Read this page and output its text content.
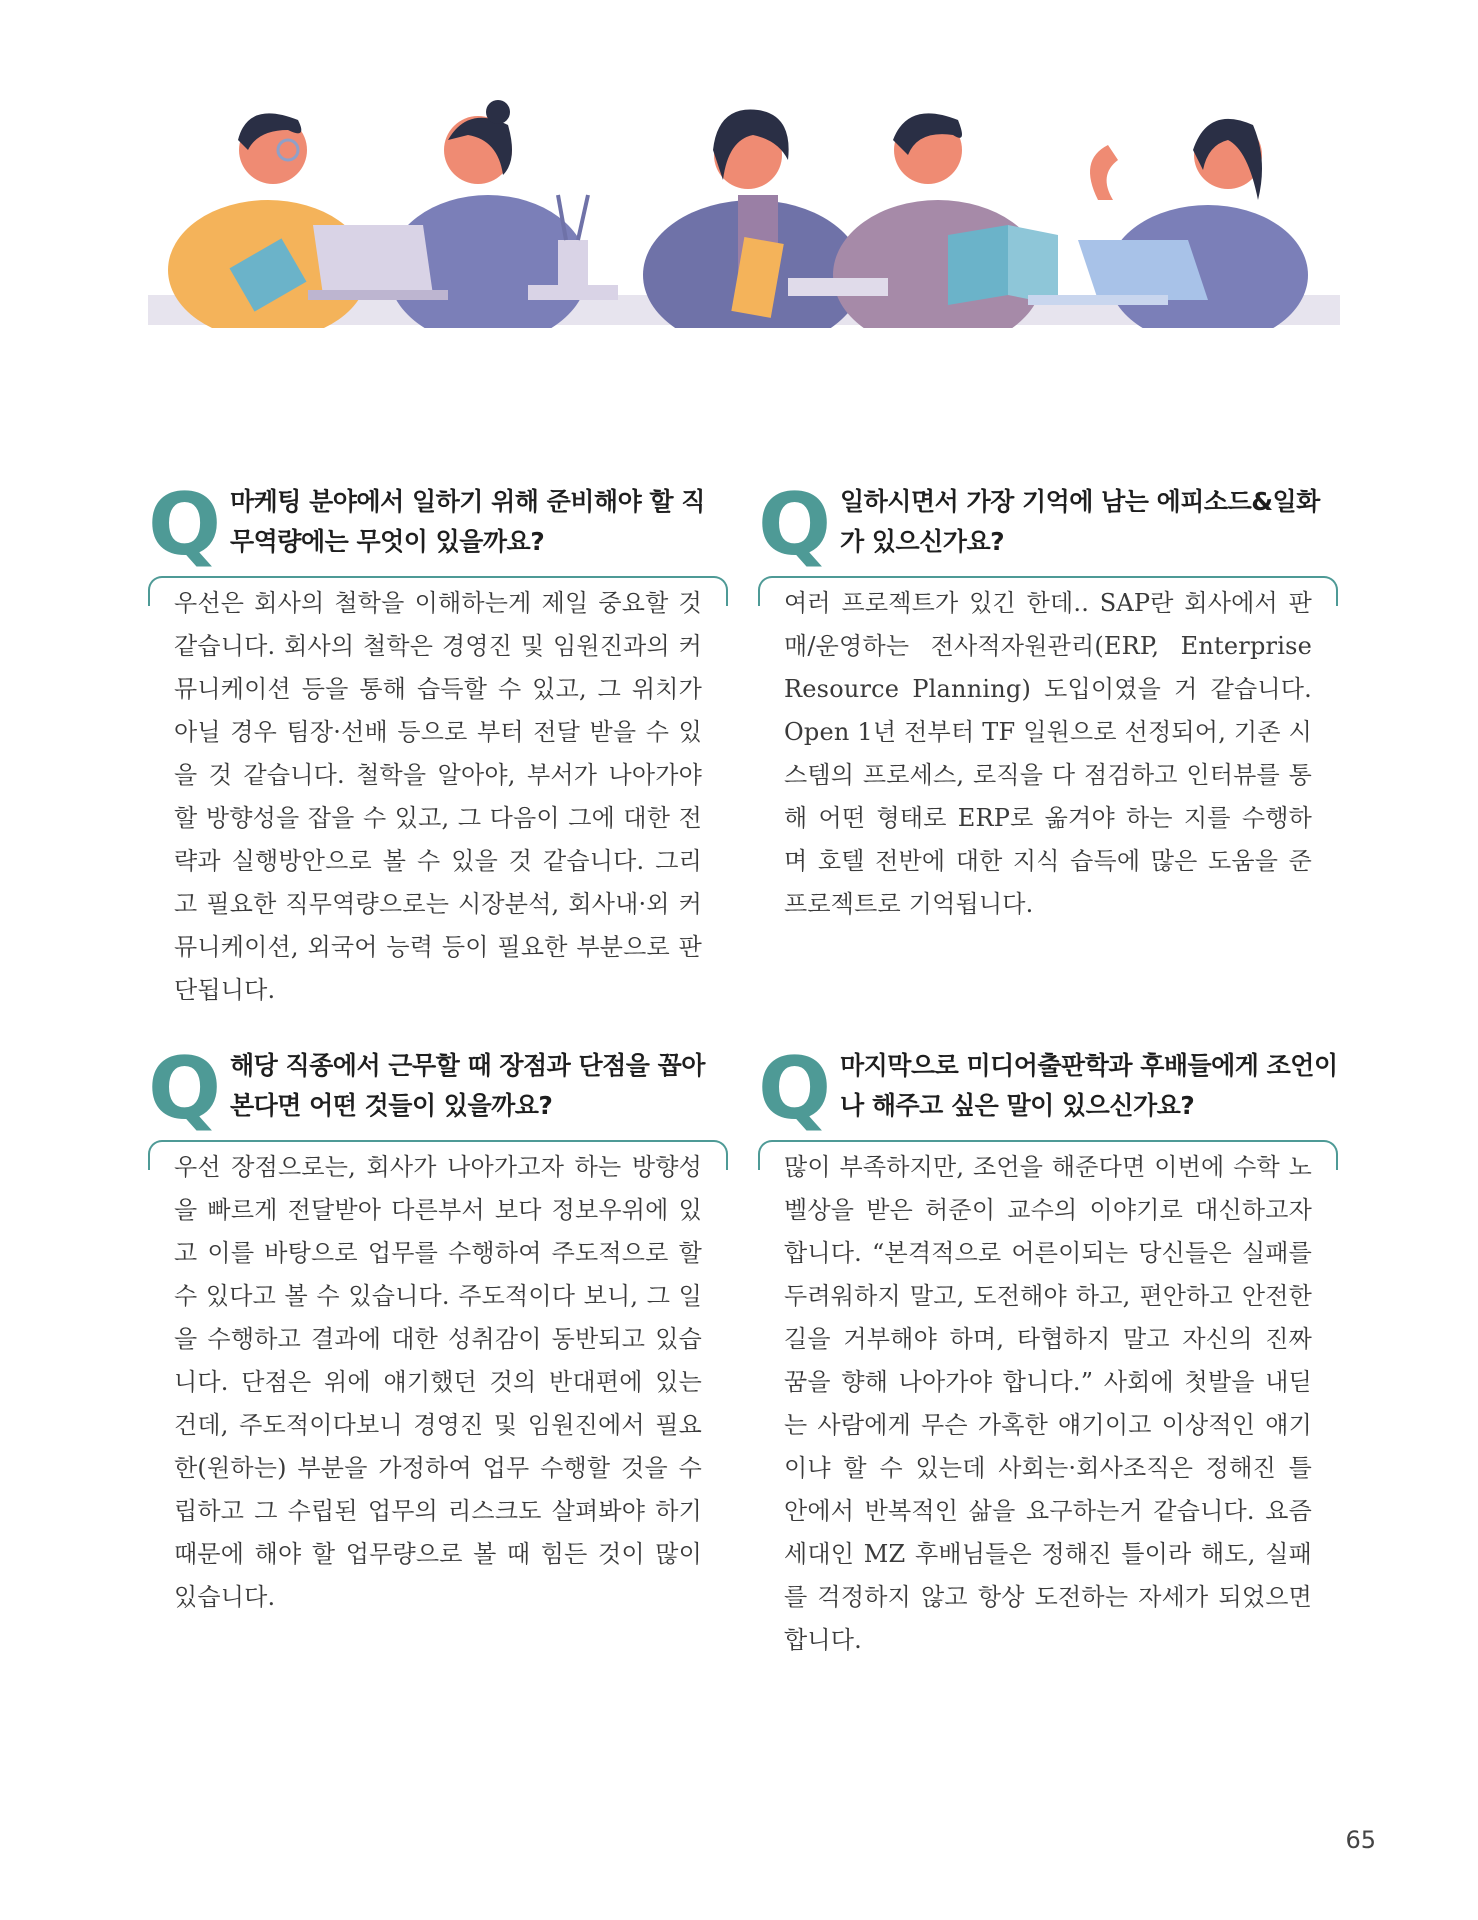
Q 마케팅 분야에서 일하기 위해 준비해야 할 직무역량에는 무엇이 있을까요?
우선은 회사의 철학을 이해하는게 제일 중요할 것 같습니다. 회사의 철학은 경영진 및 임원진과의 커뮤니케이션 등을 통해 습득할 수 있고, 그 위치가 아닐 경우 팀장·선배 등으로 부터 전달 받을 수 있을 것 같습니다. 철학을 알아야, 부서가 나아가야 할 방향성을 잡을 수 있고, 그 다음이 그에 대한 전략과 실행방안으로 볼 수 있을 것 같습니다. 그리고 필요한 직무역량으로는 시장분석, 회사내·외 커뮤니케이션, 외국어 능력 등이 필요한 부분으로 판단됩니다.
Q 일하시면서 가장 기억에 남는 에피소드&일화가 있으신가요?
여러 프로젝트가 있긴 한데.. SAP란 회사에서 판매/운영하는 전사적자원관리(ERP, Enterprise Resource Planning) 도입이였을 거 같습니다. Open 1년 전부터 TF 일원으로 선정되어, 기존 시스템의 프로세스, 로직을 다 점검하고 인터뷰를 통해 어떤 형태로 ERP로 옮겨야 하는 지를 수행하며 호텔 전반에 대한 지식 습득에 많은 도움을 준 프로젝트로 기억됩니다.
Q 해당 직종에서 근무할 때 장점과 단점을 꼽아본다면 어떤 것들이 있을까요?
우선 장점으로는, 회사가 나아가고자 하는 방향성을 빠르게 전달받아 다른부서 보다 정보우위에 있고 이를 바탕으로 업무를 수행하여 주도적으로 할 수 있다고 볼 수 있습니다. 주도적이다 보니, 그 일을 수행하고 결과에 대한 성취감이 동반되고 있습니다. 단점은 위에 얘기했던 것의 반대편에 있는 건데, 주도적이다보니 경영진 및 임원진에서 필요한(원하는) 부분을 가정하여 업무 수행할 것을 수립하고 그 수립된 업무의 리스크도 살펴봐야 하기 때문에 해야 할 업무량으로 볼 때 힘든 것이 많이 있습니다.
Q 마지막으로 미디어출판학과 후배들에게 조언이나 해주고 싶은 말이 있으신가요?
많이 부족하지만, 조언을 해준다면 이번에 수학 노벨상을 받은 허준이 교수의 이야기로 대신하고자 합니다. “본격적으로 어른이되는 당신들은 실패를 두려워하지 말고, 도전해야 하고, 편안하고 안전한 길을 거부해야 하며, 타협하지 말고 자신의 진짜 꿈을 향해 나아가야 합니다.” 사회에 첫발을 내딛는 사람에게 무슨 가혹한 얘기이고 이상적인 얘기이냐 할 수 있는데 사회는·회사조직은 정해진 틀 안에서 반복적인 삶을 요구하는거 같습니다. 요즘 세대인 MZ 후배님들은 정해진 틀이라 해도, 실패를 걱정하지 않고 항상 도전하는 자세가 되었으면 합니다.
65
